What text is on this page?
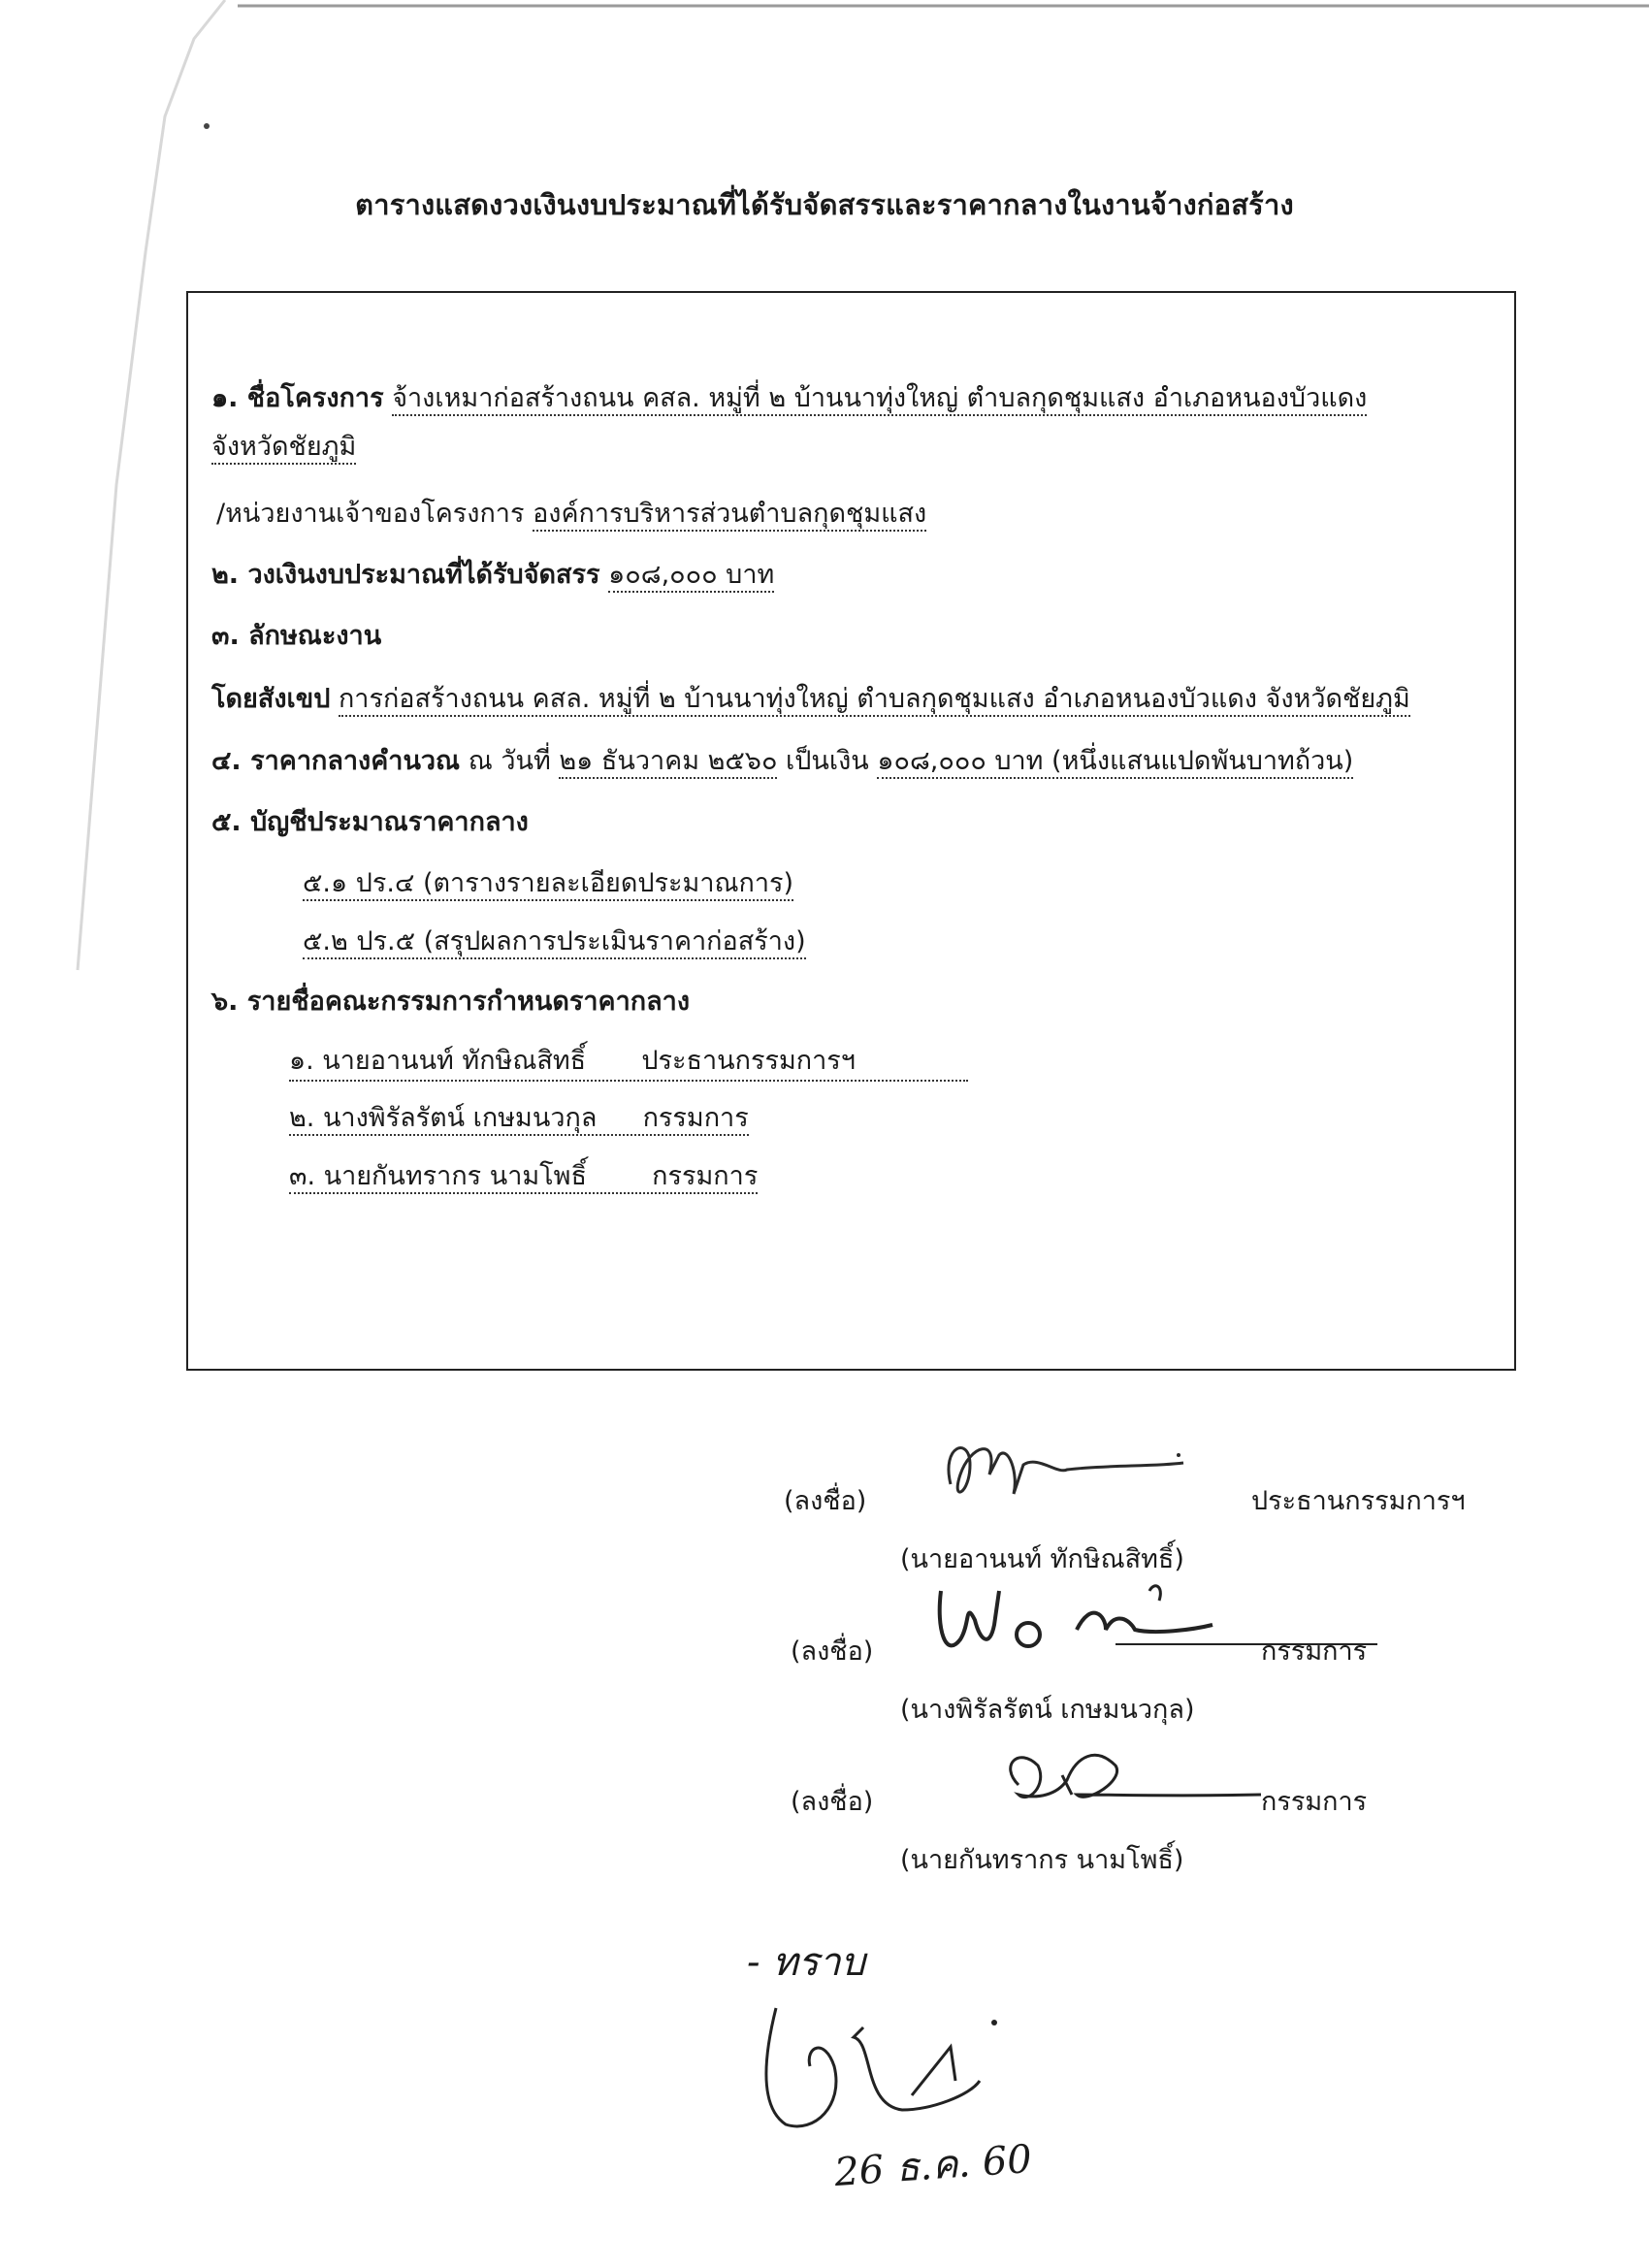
ตารางแสดงวงเงินงบประมาณที่ได้รับจัดสรรและราคากลางในงานจ้างก่อสร้าง
๑. ชื่อโครงการ จ้างเหมาก่อสร้างถนน คสล. หมู่ที่ ๒ บ้านนาทุ่งใหญ่ ตำบลกุดชุมแสง อำเภอหนองบัวแดง
จังหวัดชัยภูมิ
/หน่วยงานเจ้าของโครงการ องค์การบริหารส่วนตำบลกุดชุมแสง
๒. วงเงินงบประมาณที่ได้รับจัดสรร ๑๐๘,๐๐๐ บาท
๓. ลักษณะงาน
โดยสังเขป การก่อสร้างถนน คสล. หมู่ที่ ๒ บ้านนาทุ่งใหญ่ ตำบลกุดชุมแสง อำเภอหนองบัวแดง จังหวัดชัยภูมิ
๔. ราคากลางคำนวณ ณ วันที่ ๒๑ ธันวาคม ๒๕๖๐ เป็นเงิน ๑๐๘,๐๐๐ บาท (หนึ่งแสนแปดพันบาทถ้วน)
๕. บัญชีประมาณราคากลาง
๕.๑ ปร.๔ (ตารางรายละเอียดประมาณการ)
๕.๒ ปร.๕ (สรุปผลการประเมินราคาก่อสร้าง)
๖. รายชื่อคณะกรรมการกำหนดราคากลาง
๑. นายอานนท์ ทักษิณสิทธิ์ ประธานกรรมการฯ
๒. นางพิรัลรัตน์ เกษมนวกุล กรรมการ
๓. นายกันทรากร นามโพธิ์ กรรมการ
(ลงชื่อ)	ประธานกรรมการฯ
(นายอานนท์ ทักษิณสิทธิ์)
(ลงชื่อ)	กรรมการ
(นางพิรัลรัตน์ เกษมนวกุล)
(ลงชื่อ)	กรรมการ
(นายกันทรากร นามโพธิ์)
- ทราบ
26 ธ.ค. 60
